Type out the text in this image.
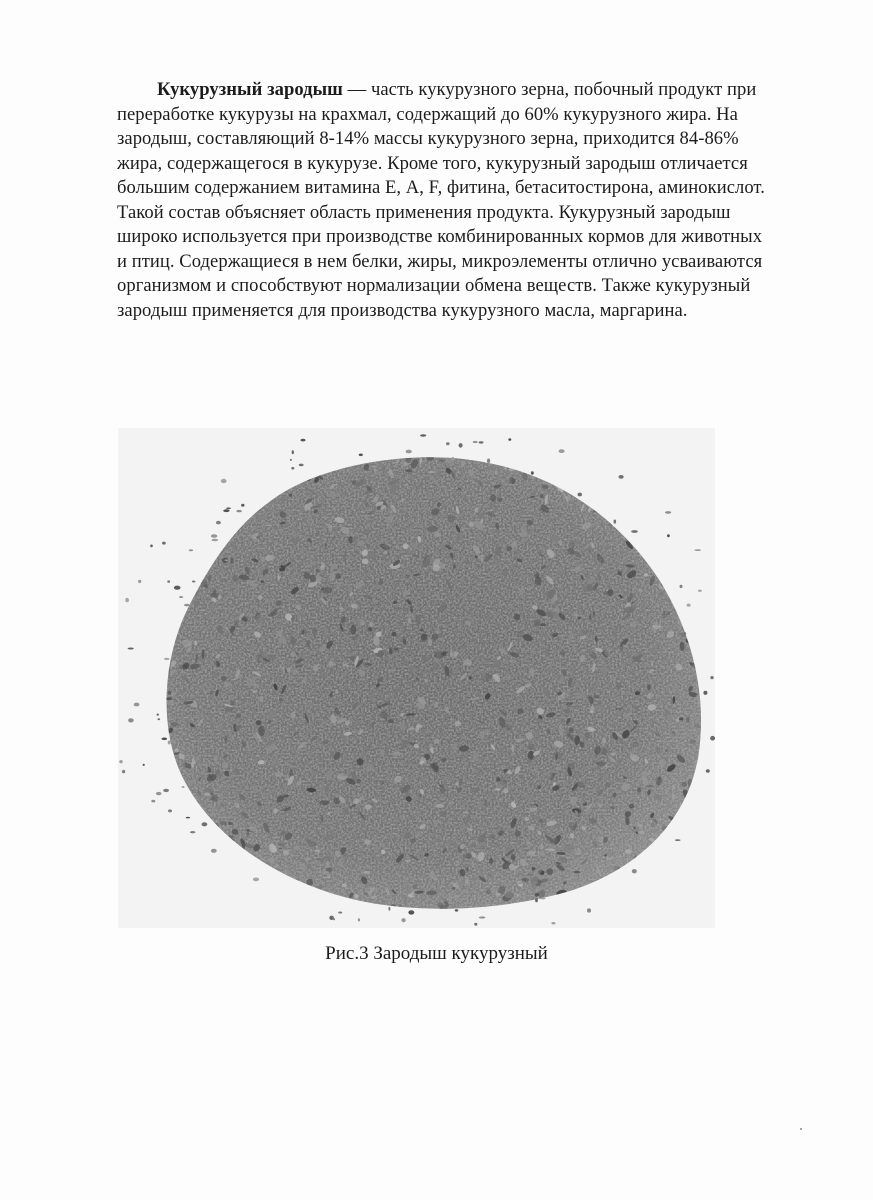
Кукурузный зародыш — часть кукурузного зерна, побочный продукт при переработке кукурузы на крахмал, содержащий до 60% кукурузного жира. На зародыш, составляющий 8-14% массы кукурузного зерна, приходится 84-86% жира, содержащегося в кукурузе. Кроме того, кукурузный зародыш отличается большим содержанием витамина Е, А, F, фитина, бетаситостирона, аминокислот. Такой состав объясняет область применения продукта. Кукурузный зародыш широко используется при производстве комбинированных кормов для животных и птиц. Содержащиеся в нем белки, жиры, микроэлементы отлично усваиваются организмом и способствуют нормализации обмена веществ. Также кукурузный зародыш применяется для производства кукурузного масла, маргарина.

Рис.3 Зародыш кукурузный
